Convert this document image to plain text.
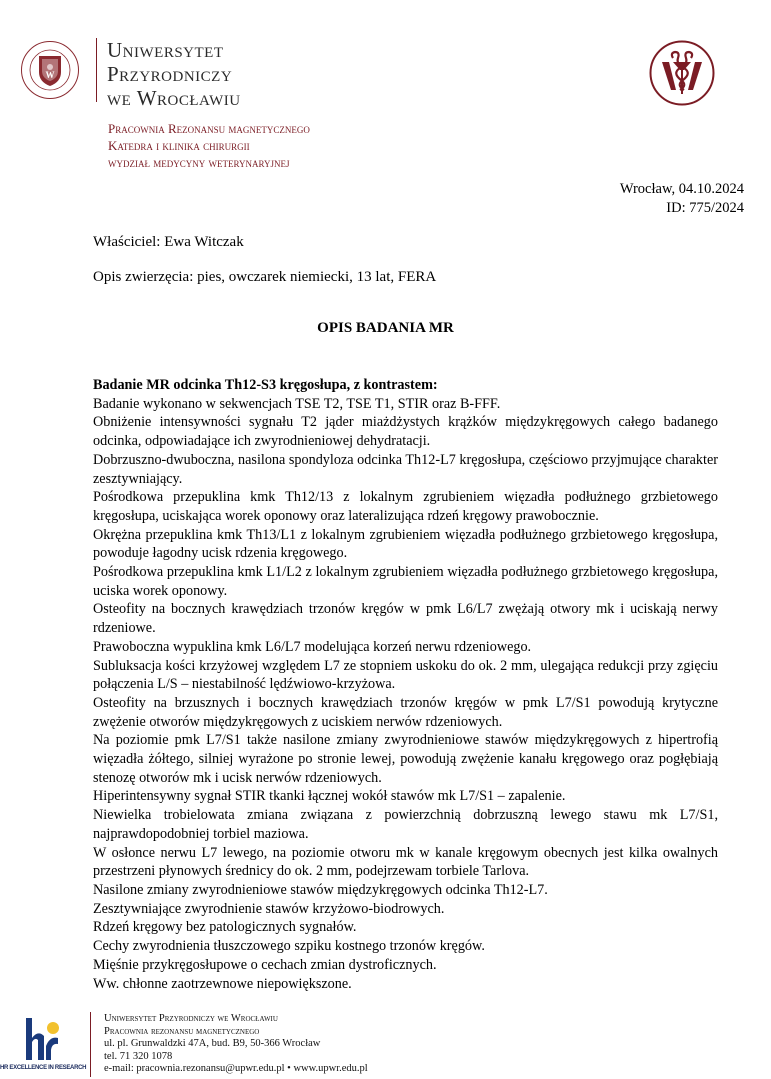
W
Uniwersytet
Przyrodniczy
we Wrocławiu
Pracownia Rezonansu magnetycznego
Katedra i klinika chirurgii
wydział medycyny weterynaryjnej
Wrocław, 04.10.2024
ID: 775/2024
Właściciel: Ewa Witczak
Opis zwierzęcia: pies, owczarek niemiecki, 13 lat, FERA
OPIS BADANIA MR

Badanie MR odcinka Th12-S3 kręgosłupa, z kontrastem:

Badanie wykonano w sekwencjach TSE T2, TSE T1, STIR oraz B-FFF.

Obniżenie intensywności sygnału T2 jąder miażdżystych krążków międzykręgowych całego badanego odcinka, odpowiadające ich zwyrodnieniowej dehydratacji.

Dobrzuszno-dwuboczna, nasilona spondyloza odcinka Th12-L7 kręgosłupa, częściowo przyjmujące charakter zesztywniający.

Pośrodkowa przepuklina kmk Th12/13 z lokalnym zgrubieniem więzadła podłużnego grzbietowego kręgosłupa, uciskająca worek oponowy oraz lateralizująca rdzeń kręgowy prawobocznie.

Okrężna przepuklina kmk Th13/L1 z lokalnym zgrubieniem więzadła podłużnego grzbietowego kręgosłupa, powoduje łagodny ucisk rdzenia kręgowego.

Pośrodkowa przepuklina kmk L1/L2 z lokalnym zgrubieniem więzadła podłużnego grzbietowego kręgosłupa, uciska worek oponowy.

Osteofity na bocznych krawędziach trzonów kręgów w pmk L6/L7 zwężają otwory mk i uciskają nerwy rdzeniowe.

Prawoboczna wypuklina kmk L6/L7 modelująca korzeń nerwu rdzeniowego.

Subluksacja kości krzyżowej względem L7 ze stopniem uskoku do ok. 2 mm, ulegająca redukcji przy zgięciu połączenia L/S – niestabilność lędźwiowo-krzyżowa.

Osteofity na brzusznych i bocznych krawędziach trzonów kręgów w pmk L7/S1 powodują krytyczne zwężenie otworów międzykręgowych z uciskiem nerwów rdzeniowych.

Na poziomie pmk L7/S1 także nasilone zmiany zwyrodnieniowe stawów międzykręgowych z hipertrofią więzadła żółtego, silniej wyrażone po stronie lewej, powodują zwężenie kanału kręgowego oraz pogłębiają stenozę otworów mk i ucisk nerwów rdzeniowych.

Hiperintensywny sygnał STIR tkanki łącznej wokół stawów mk L7/S1 – zapalenie.

Niewielka trobielowata zmiana związana z powierzchnią dobrzuszną lewego stawu mk L7/S1, najprawdopodobniej torbiel maziowa.

W osłonce nerwu L7 lewego, na poziomie otworu mk w kanale kręgowym obecnych jest kilka owalnych przestrzeni płynowych średnicy do ok. 2 mm, podejrzewam torbiele Tarlova.

Nasilone zmiany zwyrodnieniowe stawów międzykręgowych odcinka Th12-L7.

Zesztywniające zwyrodnienie stawów krzyżowo-biodrowych.

Rdzeń kręgowy bez patologicznych sygnałów.

Cechy zwyrodnienia tłuszczowego szpiku kostnego trzonów kręgów.

Mięśnie przykręgosłupowe o cechach zmian dystroficznych.

Ww. chłonne zaotrzewnowe niepowiększone.

HR EXCELLENCE IN RESEARCH
Uniwersytet Przyrodniczy we Wrocławiu
Pracownia rezonansu magnetycznego
ul. pl. Grunwaldzki 47A, bud. B9, 50-366 Wrocław
tel. 71 320 1078
e-mail: pracownia.rezonansu@upwr.edu.pl • www.upwr.edu.pl
